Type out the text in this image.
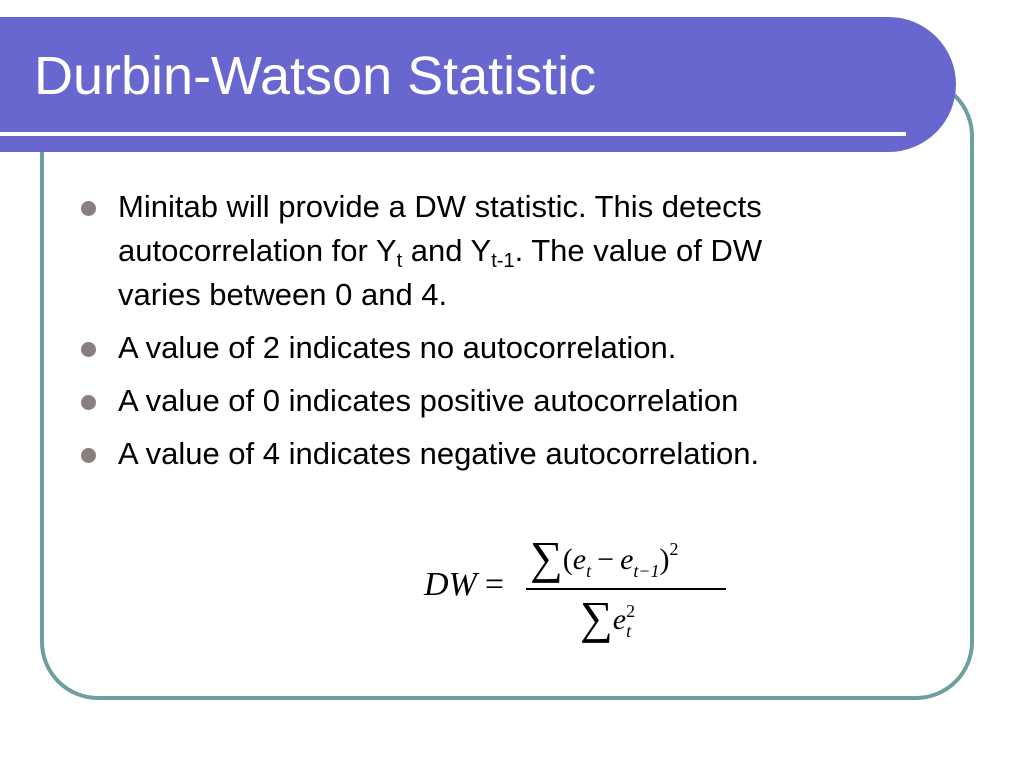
Durbin-Watson Statistic
Minitab will provide a DW statistic. This detects
autocorrelation for $Y_t$ and $Y_{t-1}$. The value of DW
varies between 0 and 4.
A value of 2 indicates no autocorrelation.
A value of 0 indicates positive autocorrelation
A value of 4 indicates negative autocorrelation.
DW =
$\sum(e_t - e_{t-1})^2$
∑e 2
t
